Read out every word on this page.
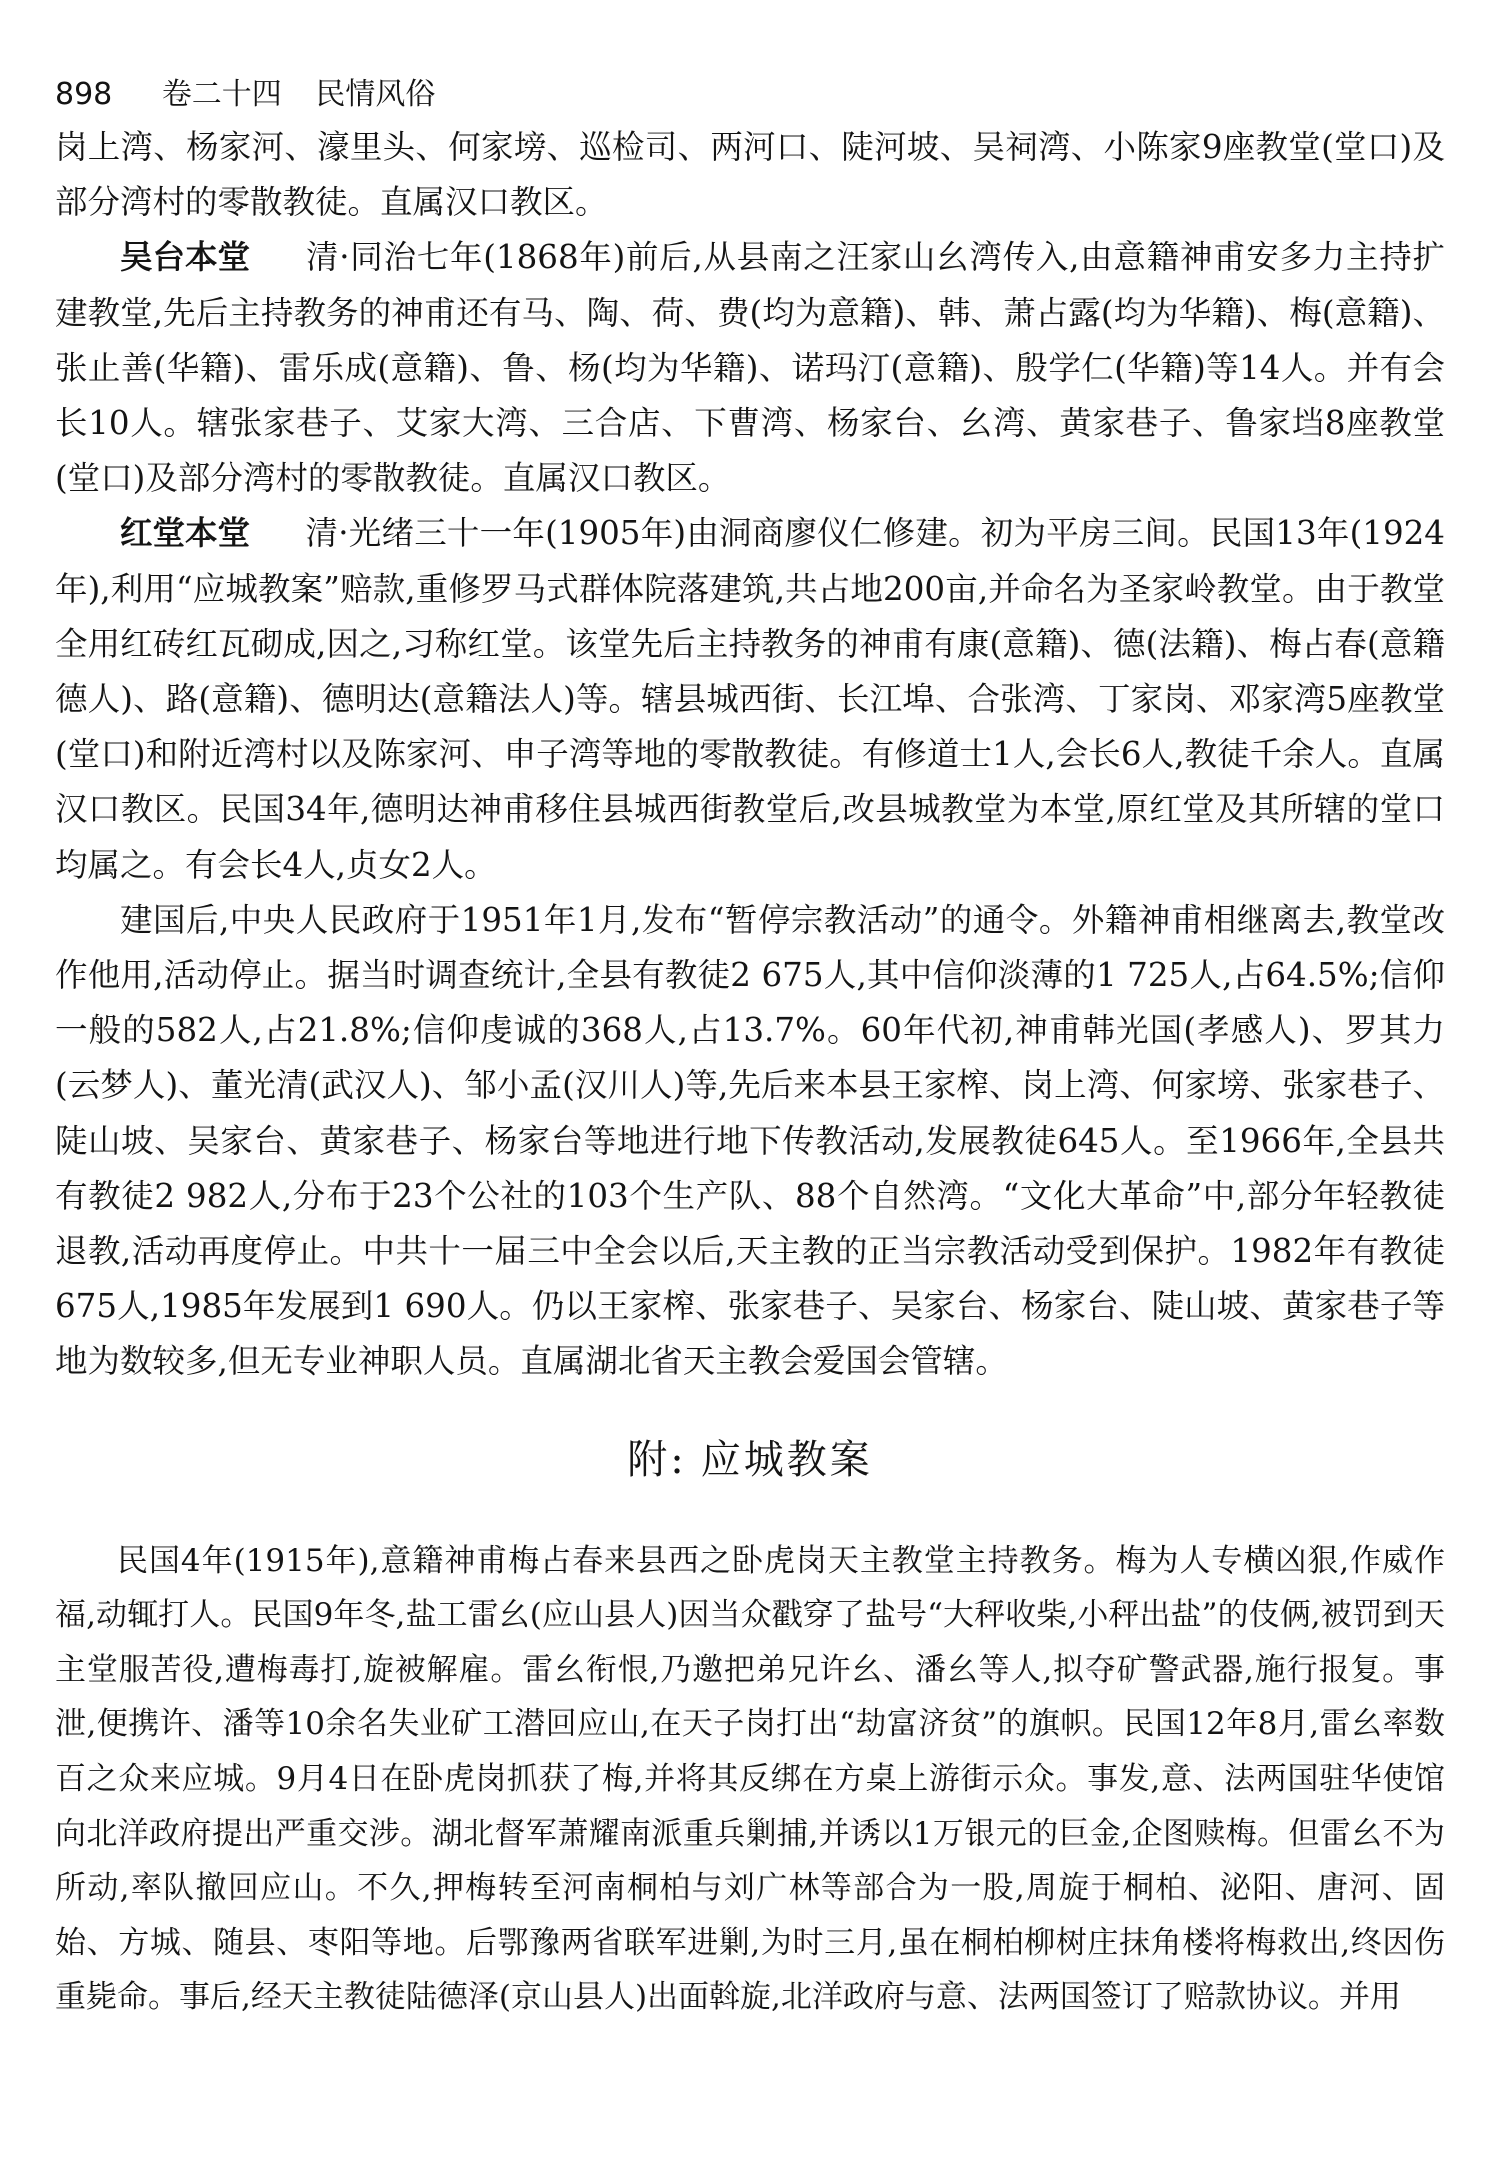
898 卷二十四 民情风俗

岗上湾、杨家河、濠里头、何家塝、巡检司、两河口、陡河坡、吴祠湾、小陈家9座教堂(堂口)及部分湾村的零散教徒。直属汉口教区。

吴台本堂 清·同治七年(1868年)前后,从县南之汪家山幺湾传入,由意籍神甫安多力主持扩建教堂,先后主持教务的神甫还有马、陶、荷、费(均为意籍)、韩、萧占露(均为华籍)、梅(意籍)、张止善(华籍)、雷乐成(意籍)、鲁、杨(均为华籍)、诺玛汀(意籍)、殷学仁(华籍)等14人。并有会长10人。辖张家巷子、艾家大湾、三合店、下曹湾、杨家台、幺湾、黄家巷子、鲁家垱8座教堂(堂口)及部分湾村的零散教徒。直属汉口教区。

红堂本堂 清·光绪三十一年(1905年)由洞商廖仪仁修建。初为平房三间。民国13年(1924年),利用“应城教案”赔款,重修罗马式群体院落建筑,共占地200亩,并命名为圣家岭教堂。由于教堂全用红砖红瓦砌成,因之,习称红堂。该堂先后主持教务的神甫有康(意籍)、德(法籍)、梅占春(意籍德人)、路(意籍)、德明达(意籍法人)等。辖县城西街、长江埠、合张湾、丁家岗、邓家湾5座教堂(堂口)和附近湾村以及陈家河、申子湾等地的零散教徒。有修道士1人,会长6人,教徒千余人。直属汉口教区。民国34年,德明达神甫移住县城西街教堂后,改县城教堂为本堂,原红堂及其所辖的堂口均属之。有会长4人,贞女2人。

建国后,中央人民政府于1951年1月,发布“暂停宗教活动”的通令。外籍神甫相继离去,教堂改作他用,活动停止。据当时调查统计,全县有教徒2 675人,其中信仰淡薄的1 725人,占64.5%;信仰一般的582人,占21.8%;信仰虔诚的368人,占13.7%。60年代初,神甫韩光国(孝感人)、罗其力(云梦人)、董光清(武汉人)、邹小孟(汉川人)等,先后来本县王家榨、岗上湾、何家塝、张家巷子、陡山坡、吴家台、黄家巷子、杨家台等地进行地下传教活动,发展教徒645人。至1966年,全县共有教徒2 982人,分布于23个公社的103个生产队、88个自然湾。“文化大革命”中,部分年轻教徒退教,活动再度停止。中共十一届三中全会以后,天主教的正当宗教活动受到保护。1982年有教徒675人,1985年发展到1 690人。仍以王家榨、张家巷子、吴家台、杨家台、陡山坡、黄家巷子等地为数较多,但无专业神职人员。直属湖北省天主教会爱国会管辖。

附: 应城教案

民国4年(1915年),意籍神甫梅占春来县西之卧虎岗天主教堂主持教务。梅为人专横凶狠,作威作福,动辄打人。民国9年冬,盐工雷幺(应山县人)因当众戳穿了盐号“大秤收柴,小秤出盐”的伎俩,被罚到天主堂服苦役,遭梅毒打,旋被解雇。雷幺衔恨,乃邀把弟兄许幺、潘幺等人,拟夺矿警武器,施行报复。事泄,便携许、潘等10余名失业矿工潜回应山,在天子岗打出“劫富济贫”的旗帜。民国12年8月,雷幺率数百之众来应城。9月4日在卧虎岗抓获了梅,并将其反绑在方桌上游街示众。事发,意、法两国驻华使馆向北洋政府提出严重交涉。湖北督军萧耀南派重兵剿捕,并诱以1万银元的巨金,企图赎梅。但雷幺不为所动,率队撤回应山。不久,押梅转至河南桐柏与刘广林等部合为一股,周旋于桐柏、泌阳、唐河、固始、方城、随县、枣阳等地。后鄂豫两省联军进剿,为时三月,虽在桐柏柳树庄抹角楼将梅救出,终因伤重毙命。事后,经天主教徒陆德泽(京山县人)出面斡旋,北洋政府与意、法两国签订了赔款协议。并用
